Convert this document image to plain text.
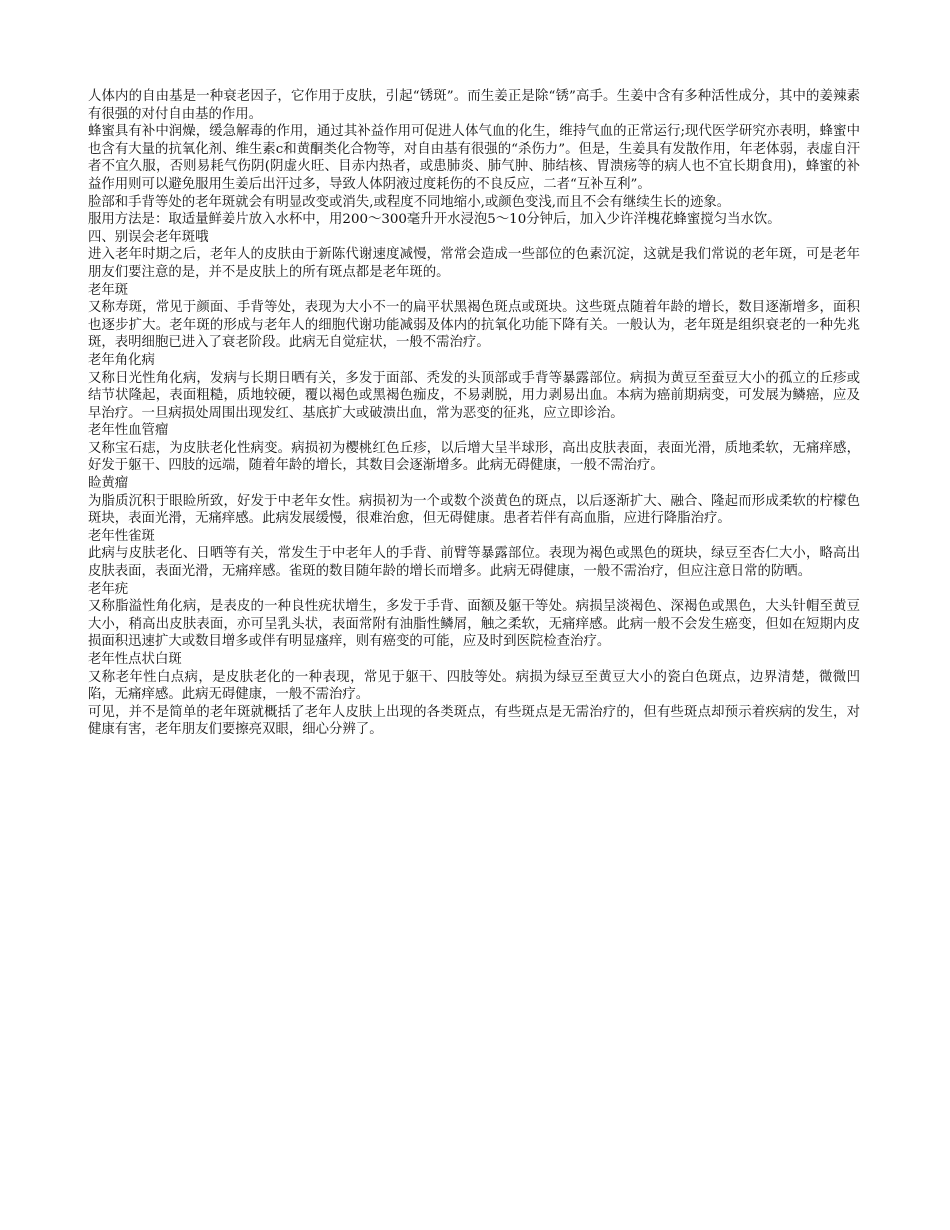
人体内的自由基是一种衰老因子，它作用于皮肤，引起“锈斑”。而生姜正是除“锈”高手。生姜中含有多种活性成分，其中的姜辣素有很强的对付自由基的作用。

蜂蜜具有补中润燥，缓急解毒的作用，通过其补益作用可促进人体气血的化生，维持气血的正常运行;现代医学研究亦表明，蜂蜜中也含有大量的抗氧化剂、维生素c和黄酮类化合物等，对自由基有很强的“杀伤力”。但是，生姜具有发散作用，年老体弱，表虚自汗者不宜久服，否则易耗气伤阴(阴虚火旺、目赤内热者，或患肺炎、肺气肿、肺结核、胃溃疡等的病人也不宜长期食用)，蜂蜜的补益作用则可以避免服用生姜后出汗过多，导致人体阴液过度耗伤的不良反应，二者“互补互利”。

脸部和手背等处的老年斑就会有明显改变或消失,或程度不同地缩小,或颜色变浅,而且不会有继续生长的迹象。

服用方法是：取适量鲜姜片放入水杯中，用200～300毫升开水浸泡5～10分钟后，加入少许洋槐花蜂蜜搅匀当水饮。

四、别误会老年斑哦

进入老年时期之后，老年人的皮肤由于新陈代谢速度减慢，常常会造成一些部位的色素沉淀，这就是我们常说的老年斑，可是老年朋友们要注意的是，并不是皮肤上的所有斑点都是老年斑的。

老年斑

又称寿斑，常见于颜面、手背等处，表现为大小不一的扁平状黑褐色斑点或斑块。这些斑点随着年龄的增长，数目逐渐增多，面积也逐步扩大。老年斑的形成与老年人的细胞代谢功能减弱及体内的抗氧化功能下降有关。一般认为，老年斑是组织衰老的一种先兆斑，表明细胞已进入了衰老阶段。此病无自觉症状，一般不需治疗。

老年角化病

又称日光性角化病，发病与长期日晒有关，多发于面部、秃发的头顶部或手背等暴露部位。病损为黄豆至蚕豆大小的孤立的丘疹或结节状隆起，表面粗糙，质地较硬，覆以褐色或黑褐色痂皮，不易剥脱，用力剥易出血。本病为癌前期病变，可发展为鳞癌，应及早治疗。一旦病损处周围出现发红、基底扩大或破溃出血，常为恶变的征兆，应立即诊治。

老年性血管瘤

又称宝石痣，为皮肤老化性病变。病损初为樱桃红色丘疹，以后增大呈半球形，高出皮肤表面，表面光滑，质地柔软，无痛痒感，好发于躯干、四肢的远端，随着年龄的增长，其数目会逐渐增多。此病无碍健康，一般不需治疗。

睑黄瘤

为脂质沉积于眼睑所致，好发于中老年女性。病损初为一个或数个淡黄色的斑点，以后逐渐扩大、融合、隆起而形成柔软的柠檬色斑块，表面光滑，无痛痒感。此病发展缓慢，很难治愈，但无碍健康。患者若伴有高血脂，应进行降脂治疗。

老年性雀斑

此病与皮肤老化、日晒等有关，常发生于中老年人的手背、前臂等暴露部位。表现为褐色或黑色的斑块，绿豆至杏仁大小，略高出皮肤表面，表面光滑，无痛痒感。雀斑的数目随年龄的增长而增多。此病无碍健康，一般不需治疗，但应注意日常的防晒。

老年疣

又称脂溢性角化病，是表皮的一种良性疣状增生，多发于手背、面额及躯干等处。病损呈淡褐色、深褐色或黑色，大头针帽至黄豆大小，稍高出皮肤表面，亦可呈乳头状，表面常附有油脂性鳞屑，触之柔软，无痛痒感。此病一般不会发生癌变，但如在短期内皮损面积迅速扩大或数目增多或伴有明显瘙痒，则有癌变的可能，应及时到医院检查治疗。

老年性点状白斑

又称老年性白点病，是皮肤老化的一种表现，常见于躯干、四肢等处。病损为绿豆至黄豆大小的瓷白色斑点，边界清楚，微微凹陷，无痛痒感。此病无碍健康，一般不需治疗。

可见，并不是简单的老年斑就概括了老年人皮肤上出现的各类斑点，有些斑点是无需治疗的，但有些斑点却预示着疾病的发生，对健康有害，老年朋友们要擦亮双眼，细心分辨了。
